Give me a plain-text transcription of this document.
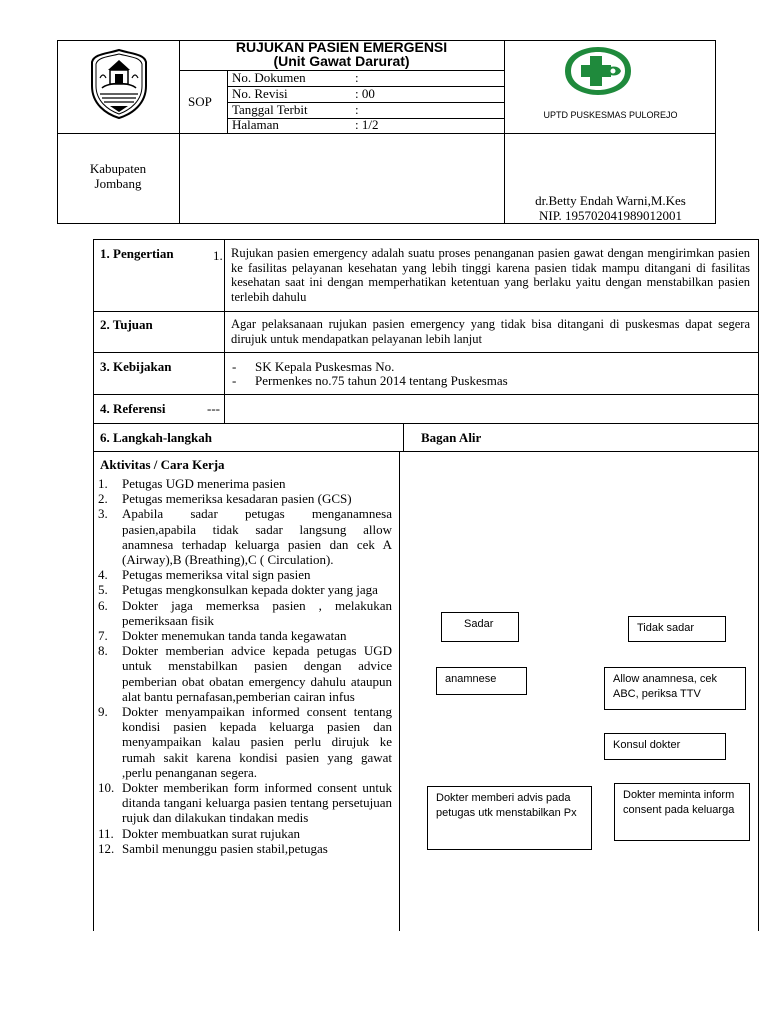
RUJUKAN PASIEN EMERGENSI
(Unit Gawat Darurat)
SOP
No. Dokumen	:
No. Revisi	: 00
Tanggal Terbit	:
Halaman	: 1/2
UPTD PUSKESMAS PULOREJO
Kabupaten
Jombang
dr.Betty Endah Warni,M.Kes
NIP. 195702041989012001
1. Pengertian	1. Rujukan pasien emergency adalah suatu proses penanganan pasien gawat dengan mengirimkan pasien ke fasilitas pelayanan kesehatan yang lebih tinggi karena pasien tidak mampu ditangani di fasilitas kesehatan saat ini dengan memperhatikan ketentuan yang berlaku yaitu dengan menstabilkan pasien terlebih dahulu
2. Tujuan	Agar pelaksanaan rujukan pasien emergency yang tidak bisa ditangani di puskesmas dapat segera dirujuk untuk mendapatkan pelayanan lebih lanjut
3. Kebijakan	- SK Kepala Puskesmas No.
- Permenkes no.75 tahun 2014 tentang Puskesmas
4. Referensi	---
6. Langkah-langkah	Bagan Alir
Aktivitas / Cara Kerja
1. Petugas UGD menerima pasien
2. Petugas memeriksa kesadaran pasien (GCS)
3. Apabila sadar petugas menganamnesa pasien,apabila tidak sadar langsung allow anamnesa terhadap keluarga pasien dan cek A (Airway),B (Breathing),C ( Circulation).
4. Petugas memeriksa vital sign pasien
5. Petugas mengkonsulkan kepada dokter yang jaga
6. Dokter jaga memerksa pasien , melakukan pemeriksaan fisik
7. Dokter menemukan tanda tanda kegawatan
8. Dokter memberian advice kepada petugas UGD untuk menstabilkan pasien dengan advice pemberian obat obatan emergency dahulu ataupun alat bantu pernafasan,pemberian cairan infus
9. Dokter menyampaikan informed consent tentang kondisi pasien kepada keluarga pasien dan menyampaikan kalau pasien perlu dirujuk ke rumah sakit karena kondisi pasien yang gawat ,perlu penanganan segera.
10. Dokter memberikan form informed consent untuk ditanda tangani keluarga pasien tentang persetujuan rujuk dan dilakukan tindakan medis
11. Dokter membuatkan surat rujukan
12. Sambil menunggu pasien stabil,petugas
Sadar	Tidak sadar
anamnese	Allow anamnesa, cek ABC, periksa TTV
Konsul dokter
Dokter memberi advis pada petugas utk menstabilkan Px
Dokter meminta inform consent pada keluarga
